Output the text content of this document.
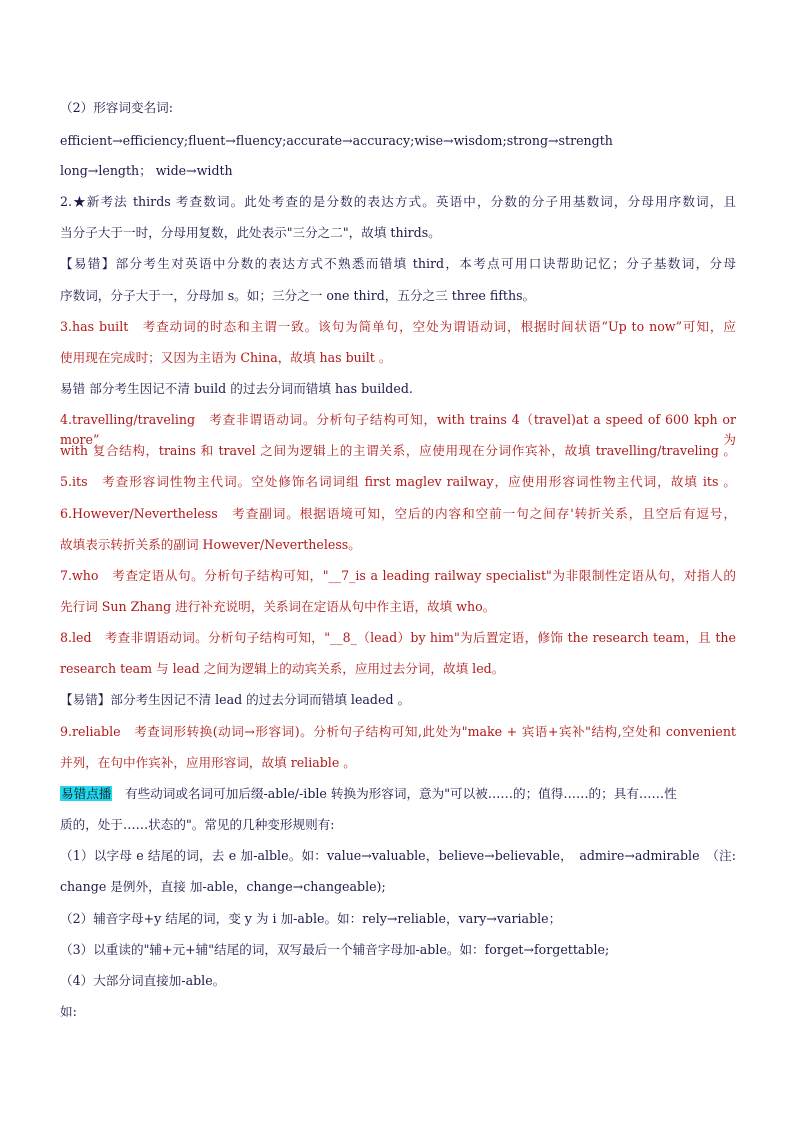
（2）形容词变名词:
efficient→efficiency;fluent→fluency;accurate→accuracy;wise→wisdom;strong→strength
long→length； wide→width
2.★新考法 thirds 考查数词。此处考查的是分数的表达方式。英语中，分数的分子用基数词，分母用序数词，且
当分子大于一时，分母用复数，此处表示"三分之二"，故填 thirds。
【易错】部分考生对英语中分数的表达方式不熟悉而错填 third，本考点可用口诀帮助记忆；分子基数词，分母
序数词，分子大于一，分母加 s。如；三分之一 one third，五分之三 three fifths。
3.has built　考查动词的时态和主谓一致。该句为简单句，空处为谓语动词，根据时间状语“Up to now”可知，应
使用现在完成时；又因为主语为 China，故填 has built 。
易错 部分考生因记不清 build 的过去分词而错填 has builded.
4.travelling/traveling　考查非谓语动词。分析句子结构可知，with trains 4（travel)at a speed of 600 kph or more”为
with 复合结构，trains 和 travel 之间为逻辑上的主谓关系，应使用现在分词作宾补，故填 travelling/traveling 。
5.its　考查形容词性物主代词。空处修饰名词词组 first maglev railway，应使用形容词性物主代词，故填 its 。
6.However/Nevertheless　考查副词。根据语境可知，空后的内容和空前一句之间存'转折关系，且空后有逗号，
故填表示转折关系的副词 However/Nevertheless。
7.who　考查定语从句。分析句子结构可知，"__7_is a leading railway specialist"为非限制性定语从句，对指人的
先行词 Sun Zhang 进行补充说明，关系词在定语从句中作主语，故填 who。
8.led　考查非谓语动词。分析句子结构可知，"__8_（lead）by him"为后置定语，修饰 the research team，且 the
research team 与 lead 之间为逻辑上的动宾关系，应用过去分词，故填 led。
【易错】部分考生因记不清 lead 的过去分词而错填 leaded 。
9.reliable　考查词形转换(动词→形容词)。分析句子结构可知,此处为"make + 宾语+宾补"结构,空处和 convenient
并列，在句中作宾补，应用形容词，故填 reliable 。
易错点播　有些动词或名词可加后缀-able/-ible 转换为形容词，意为"可以被……的；值得……的；具有……性
质的，处于……状态的"。常见的几种变形规则有:
（1）以字母 e 结尾的词，去 e 加-alble。如：value→valuable，believe→believable，　admire→admirable　（注:
change 是例外，直接 加-able，change→changeable);
（2）辅音字母+y 结尾的词，变 y 为 i 加-able。如：rely→reliable，vary→variable；
（3）以重读的"辅+元+辅"结尾的词，双写最后一个辅音字母加-able。如：forget→forgettable;
（4）大部分词直接加-able。
如:
